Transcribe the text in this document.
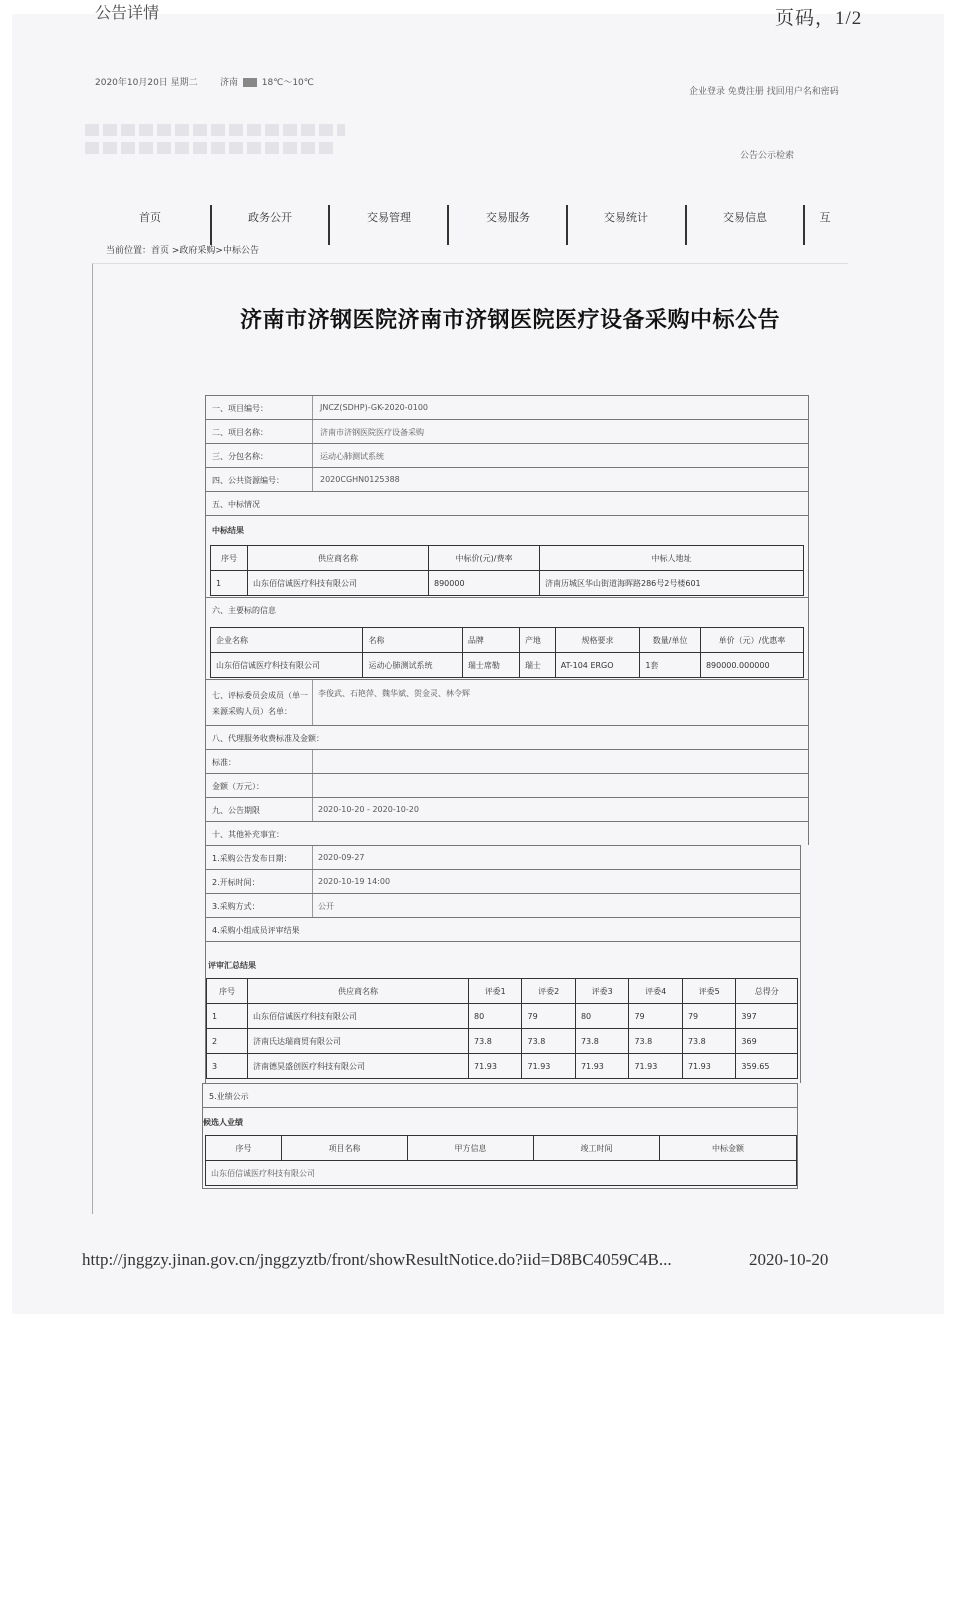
公告详情	页码，1/2
2020年10月20日 星期二 济南	18℃～10℃
企业登录 免费注册 找回用户名和密码
公告公示检索
首页	政务公开	交易管理	交易服务	交易统计	交易信息	互
当前位置：首页 >政府采购>中标公告
济南市济钢医院济南市济钢医院医疗设备采购中标公告
一、项目编号：	JNCZ(SDHP)-GK-2020-0100
二、项目名称：	济南市济钢医院医疗设备采购
三、分包名称：	运动心肺测试系统
四、公共资源编号：	2020CGHN0125388
五、中标情况
中标结果
序号	供应商名称	中标价(元)/费率	中标人地址
1	山东佰信诚医疗科技有限公司	890000	济南历城区华山街道海晖路286号2号楼601
六、主要标的信息
企业名称	名称	品牌	产地	规格要求	数量/单位	单价（元）/优惠率
山东佰信诚医疗科技有限公司	运动心肺测试系统	瑞士席勒	瑞士	AT-104 ERGO	1套	890000.000000
七、评标委员会成员（单一来源采购人员）名单：
李俊武、石艳萍、魏华斌、贺金灵、林令辉
八、代理服务收费标准及金额：
标准：
金额（万元）：
九、公告期限	2020-10-20 - 2020-10-20
十、其他补充事宜：
1.采购公告发布日期：	2020-09-27
2.开标时间：	2020-10-19 14:00
3.采购方式：	公开
4.采购小组成员评审结果
评审汇总结果
序号	供应商名称	评委1	评委2	评委3	评委4	评委5	总得分
1	山东佰信诚医疗科技有限公司	80	79	80	79	79	397
2	济南氏达瑞商贸有限公司	73.8	73.8	73.8	73.8	73.8	369
3	济南德昊盛创医疗科技有限公司	71.93	71.93	71.93	71.93	71.93	359.65
5.业绩公示
候选人业绩
序号	项目名称	甲方信息	竣工时间	中标金额
山东佰信诚医疗科技有限公司
http://jnggzy.jinan.gov.cn/jnggzyztb/front/showResultNotice.do?iid=D8BC4059C4B...	2020-10-20
